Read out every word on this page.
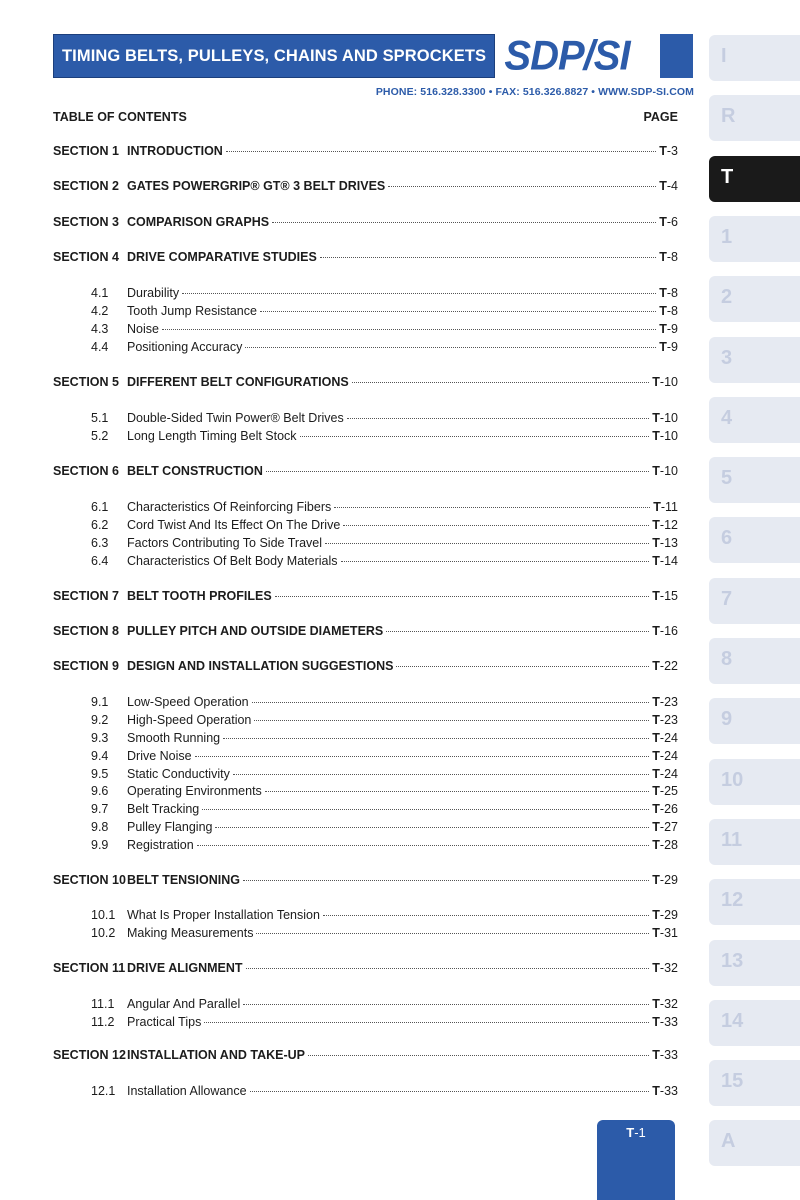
TIMING BELTS, PULLEYS, CHAINS AND SPROCKETS SDP/SI
PHONE: 516.328.3300 • FAX: 516.326.8827 • WWW.SDP-SI.COM
TABLE OF CONTENTS	PAGE
SECTION 1 INTRODUCTION	T-3
SECTION 2 GATES POWERGRIP® GT® 3 BELT DRIVES	T-4
SECTION 3 COMPARISON GRAPHS	T-6
SECTION 4 DRIVE COMPARATIVE STUDIES	T-8
4.1	Durability	T-8
4.2	Tooth Jump Resistance	T-8
4.3	Noise	T-9
4.4	Positioning Accuracy	T-9
SECTION 5 DIFFERENT BELT CONFIGURATIONS	T-10
5.1	Double-Sided Twin Power® Belt Drives	T-10
5.2	Long Length Timing Belt Stock	T-10
SECTION 6 BELT CONSTRUCTION	T-10
6.1	Characteristics Of Reinforcing Fibers	T-11
6.2	Cord Twist And Its Effect On The Drive	T-12
6.3	Factors Contributing To Side Travel	T-13
6.4	Characteristics Of Belt Body Materials	T-14
SECTION 7 BELT TOOTH PROFILES	T-15
SECTION 8 PULLEY PITCH AND OUTSIDE DIAMETERS	T-16
SECTION 9 DESIGN AND INSTALLATION SUGGESTIONS	T-22
9.1	Low-Speed Operation	T-23
9.2	High-Speed Operation	T-23
9.3	Smooth Running	T-24
9.4	Drive Noise	T-24
9.5	Static Conductivity	T-24
9.6	Operating Environments	T-25
9.7	Belt Tracking	T-26
9.8	Pulley Flanging	T-27
9.9	Registration	T-28
SECTION 10 BELT TENSIONING	T-29
10.1 What Is Proper Installation Tension	T-29
10.2 Making Measurements	T-31
SECTION 11 DRIVE ALIGNMENT	T-32
11.1	Angular And Parallel	T-32
11.2	Practical Tips	T-33
SECTION 12 INSTALLATION AND TAKE-UP	T-33
12.1 Installation Allowance	T-33
I
R
T
1
2
3
4
5
6
7
8
9
10
11
12
13
14
15
A
T-1
